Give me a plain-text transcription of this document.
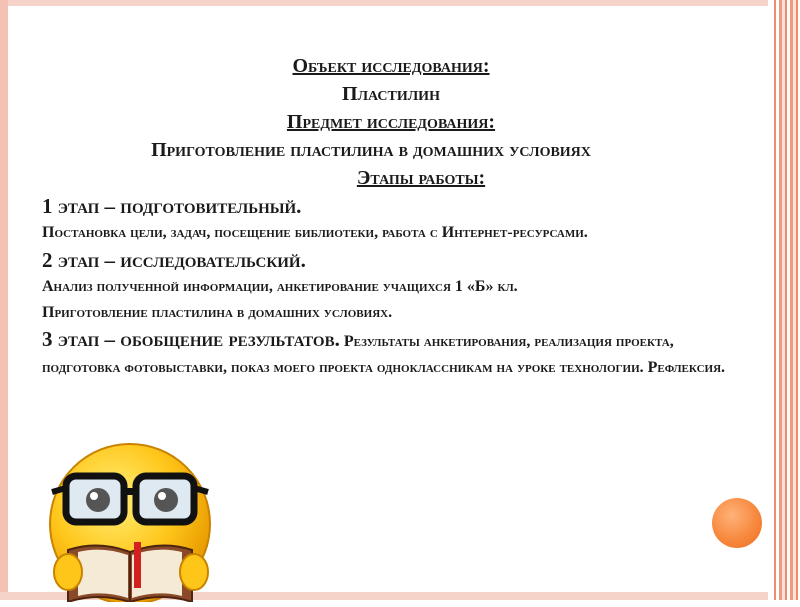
Объект исследования:

Пластилин

Предмет исследования:

Приготовление пластилина в домашних условиях

Этапы работы:

1 этап – подготовительный.

Постановка цели, задач, посещение библиотеки, работа с Интернет-ресурсами.

2 этап – исследовательский.

Анализ полученной информации, анкетирование учащихся 1 «Б» кл.

Приготовление пластилина в домашних условиях.

3 этап – обобщение результатов. Результаты анкетирования, реализация проекта, подготовка фотовыставки, показ моего проекта одноклассникам на уроке технологии. Рефлексия.
